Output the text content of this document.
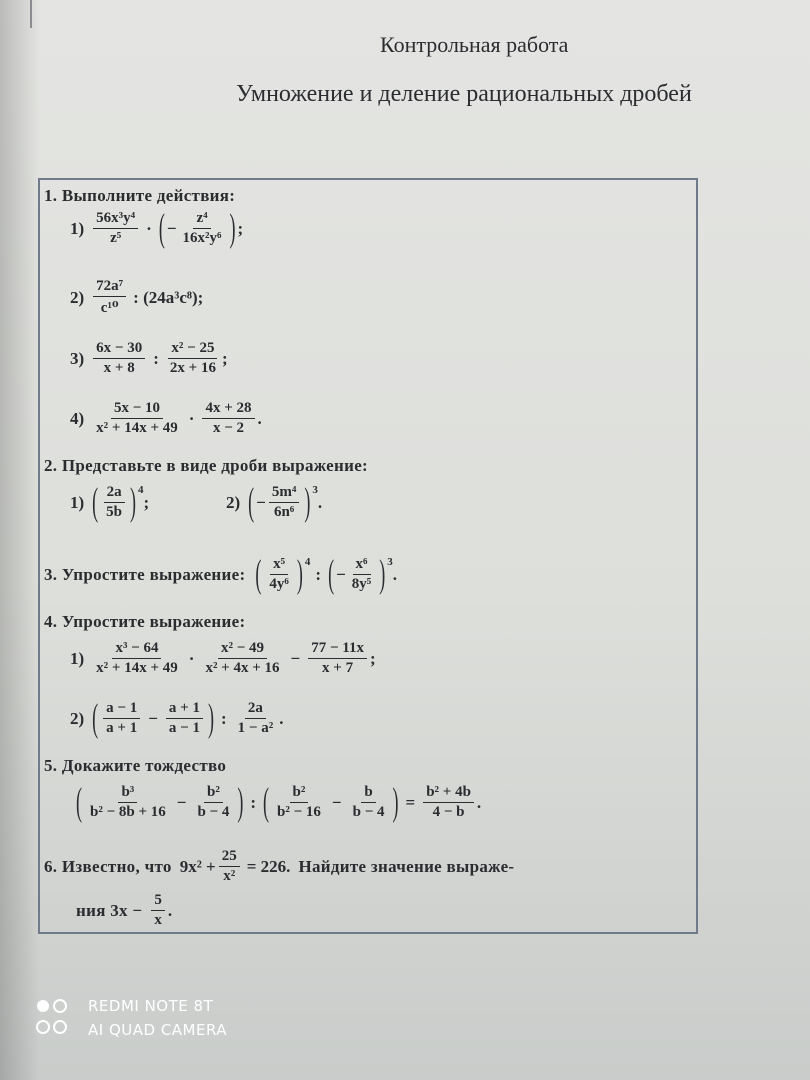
Контрольная работа
Умножение и деление рациональных дробей
1. Выполните действия:
$1) \frac{\text{56x³y⁴}}{\text{z⁵}}$ · ( − $\frac{\text{z⁴}}{\text{16x²y⁶}}$ ) ;
$2) \frac{\text{72a⁷}}{\text{c¹⁰}}$ : (24a³c⁸);
$3) \frac{6x - 30}{x + 8}$ : $\frac{\text{x² − 25}}{2x + 16}$ ;
$4) \frac{5x - 10}{\text{x² + 14x + 49}} \cdot \frac{4x + 28}{x - 2}$ .
2. Представьте в виде дроби выражение:
1) ( $\frac{2a}{5b} )^4$
;	2) ( − $\frac{\text{5m⁴}}{\text{6n⁶}} )^3$
.
3. Упростите выражение: ( $\frac{\text{x⁵}}{\text{4y⁶}} )^4$
: ( − $\frac{\text{x⁶}}{\text{8y⁵}} )^3$
.
4. Упростите выражение:
$1) \frac{\text{x³ − 64}}{\text{x² + 14x + 49}} \cdot \frac{\text{x² − 49}}{\text{x² + 4x + 16}} - \frac{77 - 11x}{x + 7}$ ;
2) ( $\frac{a - 1}{a + 1} - \frac{a + 1}{a - 1}$ ) : $\frac{2a}{\text{1 − a²}}$ .
5. Докажите тождество
( $\frac{\text{b³}}{\text{b² − 8b + 16}} - \frac{\text{b²}}{b - 4}$ ) : ( $\frac{\text{b²}}{\text{b² − 16}} - \frac{b}{b - 4}$ ) = $\frac{\text{b² + 4b}}{4 - b}$ .
6. Известно, что $9x^2 + \frac{25}{\text{x²}} = 226$. Найдите значение выраже-
ния $3x - \frac{5}{x}$ .
REDMI NOTE 8T
AI QUAD CAMERA
